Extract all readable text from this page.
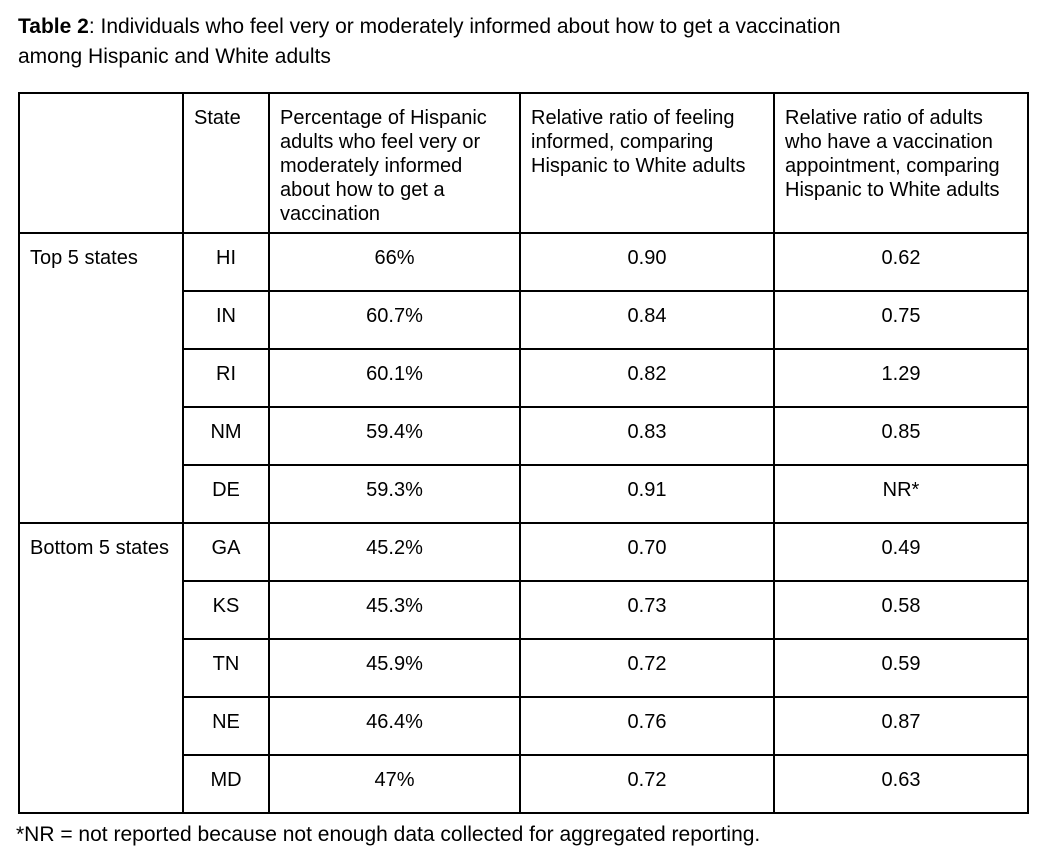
Table 2: Individuals who feel very or moderately informed about how to get a vaccination
among Hispanic and White adults

	State	Percentage of Hispanic adults who feel very or moderately informed about how to get a vaccination	Relative ratio of feeling informed, comparing Hispanic to White adults	Relative ratio of adults who have a vaccination appointment, comparing Hispanic to White adults
Top 5 states	HI	66%	0.90	0.62
	IN	60.7%	0.84	0.75
	RI	60.1%	0.82	1.29
	NM	59.4%	0.83	0.85
	DE	59.3%	0.91	NR*
Bottom 5 states	GA	45.2%	0.70	0.49
	KS	45.3%	0.73	0.58
	TN	45.9%	0.72	0.59
	NE	46.4%	0.76	0.87
	MD	47%	0.72	0.63
*NR = not reported because not enough data collected for aggregated reporting.
